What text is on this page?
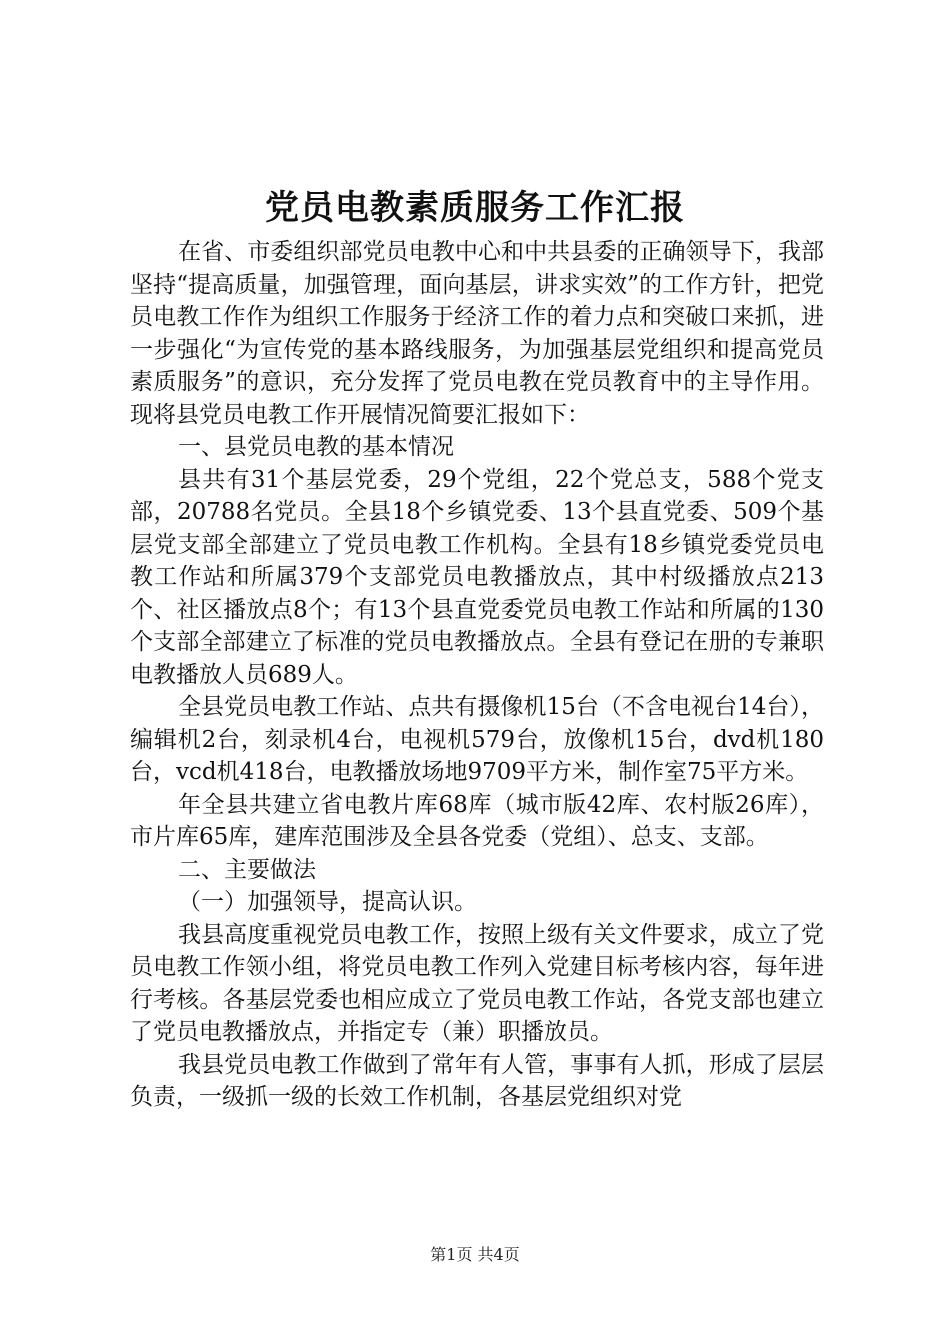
党员电教素质服务工作汇报

在省、市委组织部党员电教中心和中共县委的正确领导下，我部坚持“提高质量，加强管理，面向基层，讲求实效”的工作方针，把党员电教工作作为组织工作服务于经济工作的着力点和突破口来抓，进一步强化“为宣传党的基本路线服务，为加强基层党组织和提高党员素质服务”的意识，充分发挥了党员电教在党员教育中的主导作用。现将县党员电教工作开展情况简要汇报如下：

一、县党员电教的基本情况

县共有31个基层党委，29个党组，22个党总支，588个党支部，20788名党员。全县18个乡镇党委、13个县直党委、509个基层党支部全部建立了党员电教工作机构。全县有18乡镇党委党员电教工作站和所属379个支部党员电教播放点，其中村级播放点213个、社区播放点8个；有13个县直党委党员电教工作站和所属的130个支部全部建立了标准的党员电教播放点。全县有登记在册的专兼职电教播放人员689人。

全县党员电教工作站、点共有摄像机15台（不含电视台14台），编辑机2台，刻录机4台，电视机579台，放像机15台，dvd机180台，vcd机418台，电教播放场地9709平方米，制作室75平方米。

年全县共建立省电教片库68库（城市版42库、农村版26库），市片库65库，建库范围涉及全县各党委（党组）、总支、支部。

二、主要做法

（一）加强领导，提高认识。

我县高度重视党员电教工作，按照上级有关文件要求，成立了党员电教工作领小组，将党员电教工作列入党建目标考核内容，每年进行考核。各基层党委也相应成立了党员电教工作站，各党支部也建立了党员电教播放点，并指定专（兼）职播放员。

我县党员电教工作做到了常年有人管，事事有人抓，形成了层层负责，一级抓一级的长效工作机制，各基层党组织对党

第1页 共4页
